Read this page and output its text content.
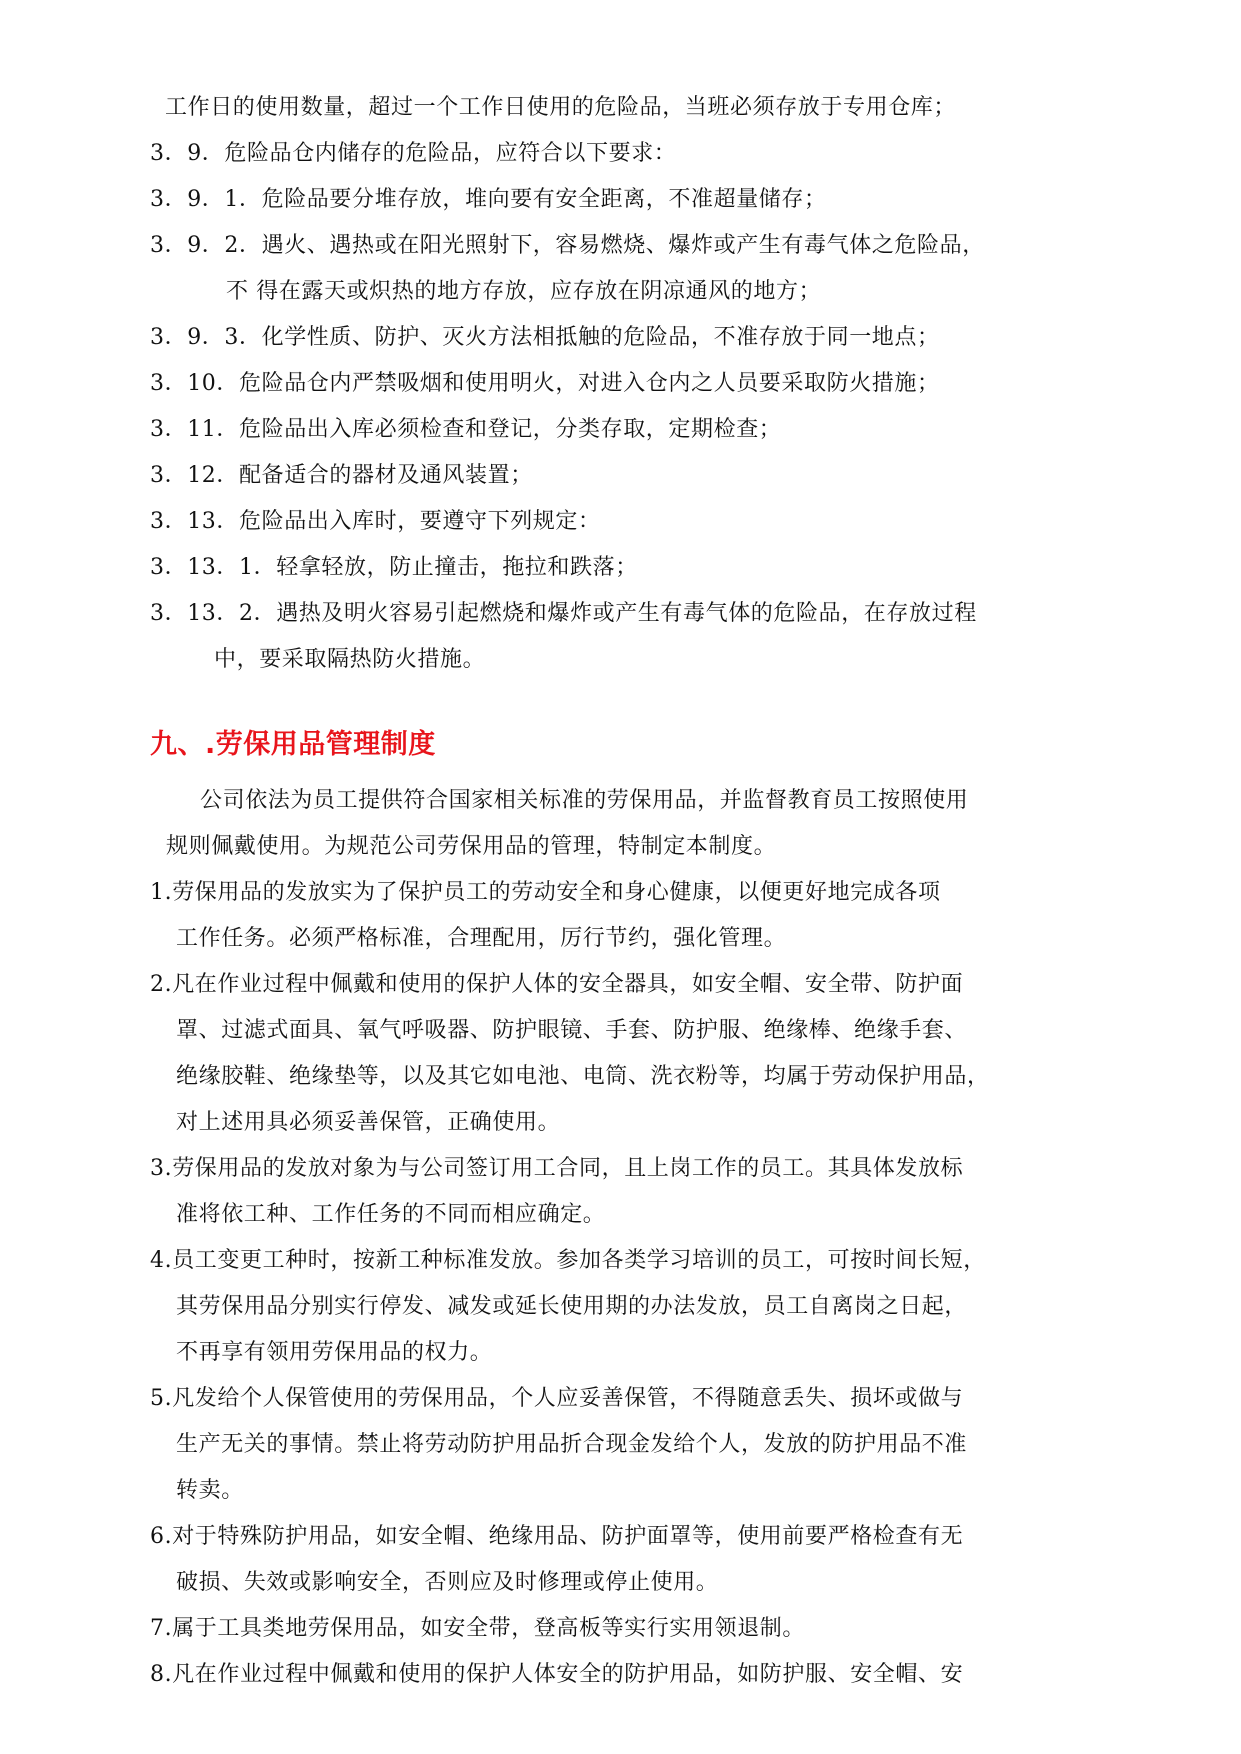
工作日的使用数量，超过一个工作日使用的危险品，当班必须存放于专用仓库；
3．9．危险品仓内储存的危险品，应符合以下要求：
3．9．1．危险品要分堆存放，堆向要有安全距离，不准超量储存；
3．9．2．遇火、遇热或在阳光照射下，容易燃烧、爆炸或产生有毒气体之危险品，
不 得在露天或炽热的地方存放，应存放在阴凉通风的地方；
3．9．3．化学性质、防护、灭火方法相抵触的危险品，不准存放于同一地点；
3．10．危险品仓内严禁吸烟和使用明火，对进入仓内之人员要采取防火措施；
3．11．危险品出入库必须检查和登记，分类存取，定期检查；
3．12．配备适合的器材及通风装置；
3．13．危险品出入库时，要遵守下列规定：
3．13．1．轻拿轻放，防止撞击，拖拉和跌落；
3．13．2．遇热及明火容易引起燃烧和爆炸或产生有毒气体的危险品，在存放过程
中，要采取隔热防火措施。
九、.劳保用品管理制度
公司依法为员工提供符合国家相关标准的劳保用品，并监督教育员工按照使用
规则佩戴使用。为规范公司劳保用品的管理，特制定本制度。
1.劳保用品的发放实为了保护员工的劳动安全和身心健康，以便更好地完成各项
工作任务。必须严格标准，合理配用，厉行节约，强化管理。
2.凡在作业过程中佩戴和使用的保护人体的安全器具，如安全帽、安全带、防护面
罩、过滤式面具、氧气呼吸器、防护眼镜、手套、防护服、绝缘棒、绝缘手套、
绝缘胶鞋、绝缘垫等，以及其它如电池、电筒、洗衣粉等，均属于劳动保护用品，
对上述用具必须妥善保管，正确使用。
3.劳保用品的发放对象为与公司签订用工合同，且上岗工作的员工。其具体发放标
准将依工种、工作任务的不同而相应确定。
4.员工变更工种时，按新工种标准发放。参加各类学习培训的员工，可按时间长短，
其劳保用品分别实行停发、减发或延长使用期的办法发放，员工自离岗之日起，
不再享有领用劳保用品的权力。
5.凡发给个人保管使用的劳保用品，个人应妥善保管，不得随意丢失、损坏或做与
生产无关的事情。禁止将劳动防护用品折合现金发给个人，发放的防护用品不准
转卖。
6.对于特殊防护用品，如安全帽、绝缘用品、防护面罩等，使用前要严格检查有无
破损、失效或影响安全，否则应及时修理或停止使用。
7.属于工具类地劳保用品，如安全带，登高板等实行实用领退制。
8.凡在作业过程中佩戴和使用的保护人体安全的防护用品，如防护服、安全帽、安
